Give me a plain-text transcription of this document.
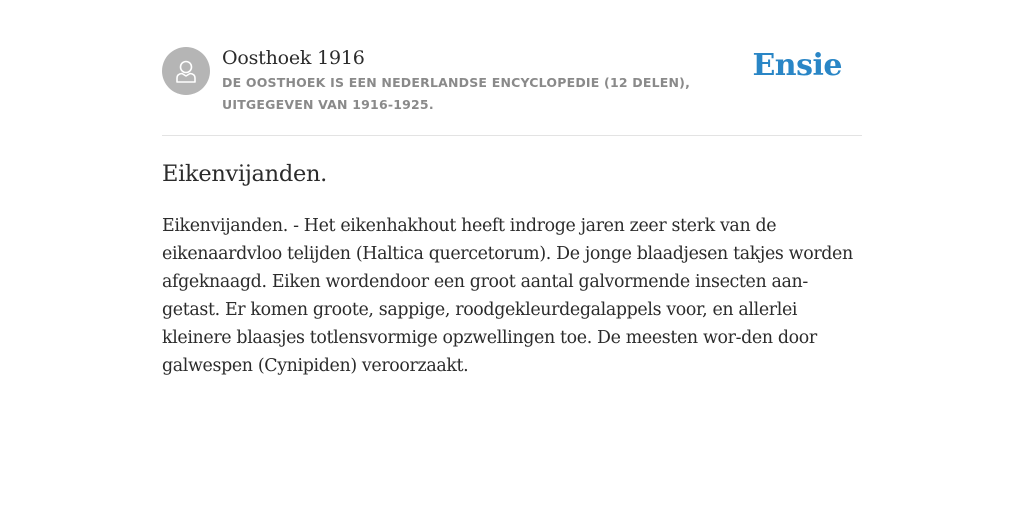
Oosthoek 1916
DE OOSTHOEK IS EEN NEDERLANDSE ENCYCLOPEDIE (12 DELEN), UITGEGEVEN VAN 1916-1925.
Ensie
Eikenvijanden.
Eikenvijanden. - Het eikenhakhout heeft indroge jaren zeer sterk van de eikenaardvloo telijden (Haltica quercetorum). De jonge blaadjesen takjes worden afgeknaagd. Eiken wordendoor een groot aantal galvormende insecten aan-getast. Er komen groote, sappige, roodgekleurdegalappels voor, en allerlei kleinere blaasjes totlensvormige opzwellingen toe. De meesten wor-den door galwespen (Cynipiden) veroorzaakt.
